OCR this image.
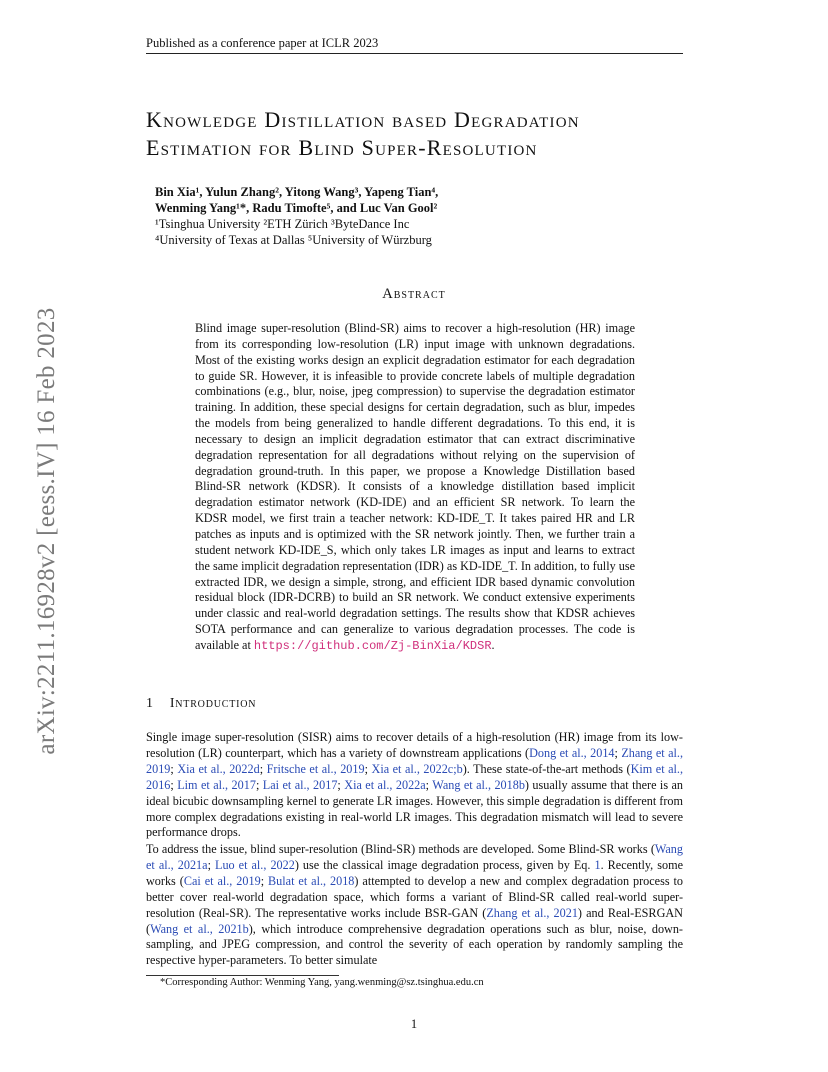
Published as a conference paper at ICLR 2023
arXiv:2211.16928v2 [eess.IV] 16 Feb 2023
Knowledge Distillation based Degradation
Estimation for Blind Super-Resolution
Bin Xia¹, Yulun Zhang², Yitong Wang³, Yapeng Tian⁴,
Wenming Yang¹*, Radu Timofte⁵, and Luc Van Gool²
¹Tsinghua University ²ETH Zürich ³ByteDance Inc
⁴University of Texas at Dallas ⁵University of Würzburg
Abstract
Blind image super-resolution (Blind-SR) aims to recover a high-resolution (HR) image from its corresponding low-resolution (LR) input image with unknown degradations. Most of the existing works design an explicit degradation estimator for each degradation to guide SR. However, it is infeasible to provide concrete labels of multiple degradation combinations (e.g., blur, noise, jpeg compression) to supervise the degradation estimator training. In addition, these special designs for certain degradation, such as blur, impedes the models from being generalized to handle different degradations. To this end, it is necessary to design an implicit degradation estimator that can extract discriminative degradation representation for all degradations without relying on the supervision of degradation ground-truth. In this paper, we propose a Knowledge Distillation based Blind-SR network (KDSR). It consists of a knowledge distillation based implicit degradation estimator network (KD-IDE) and an efficient SR network. To learn the KDSR model, we first train a teacher network: KD-IDE_T. It takes paired HR and LR patches as inputs and is optimized with the SR network jointly. Then, we further train a student network KD-IDE_S, which only takes LR images as input and learns to extract the same implicit degradation representation (IDR) as KD-IDE_T. In addition, to fully use extracted IDR, we design a simple, strong, and efficient IDR based dynamic convolution residual block (IDR-DCRB) to build an SR network. We conduct extensive experiments under classic and real-world degradation settings. The results show that KDSR achieves SOTA performance and can generalize to various degradation processes. The code is available at https://github.com/Zj-BinXia/KDSR.
1 Introduction
Single image super-resolution (SISR) aims to recover details of a high-resolution (HR) image from its low-resolution (LR) counterpart, which has a variety of downstream applications (Dong et al., 2014; Zhang et al., 2019; Xia et al., 2022d; Fritsche et al., 2019; Xia et al., 2022c;b). These state-of-the-art methods (Kim et al., 2016; Lim et al., 2017; Lai et al., 2017; Xia et al., 2022a; Wang et al., 2018b) usually assume that there is an ideal bicubic downsampling kernel to generate LR images. However, this simple degradation is different from more complex degradations existing in real-world LR images. This degradation mismatch will lead to severe performance drops.
To address the issue, blind super-resolution (Blind-SR) methods are developed. Some Blind-SR works (Wang et al., 2021a; Luo et al., 2022) use the classical image degradation process, given by Eq. 1. Recently, some works (Cai et al., 2019; Bulat et al., 2018) attempted to develop a new and complex degradation process to better cover real-world degradation space, which forms a variant of Blind-SR called real-world super-resolution (Real-SR). The representative works include BSR-GAN (Zhang et al., 2021) and Real-ESRGAN (Wang et al., 2021b), which introduce comprehensive degradation operations such as blur, noise, down-sampling, and JPEG compression, and control the severity of each operation by randomly sampling the respective hyper-parameters. To better simulate
*Corresponding Author: Wenming Yang, yang.wenming@sz.tsinghua.edu.cn
1
